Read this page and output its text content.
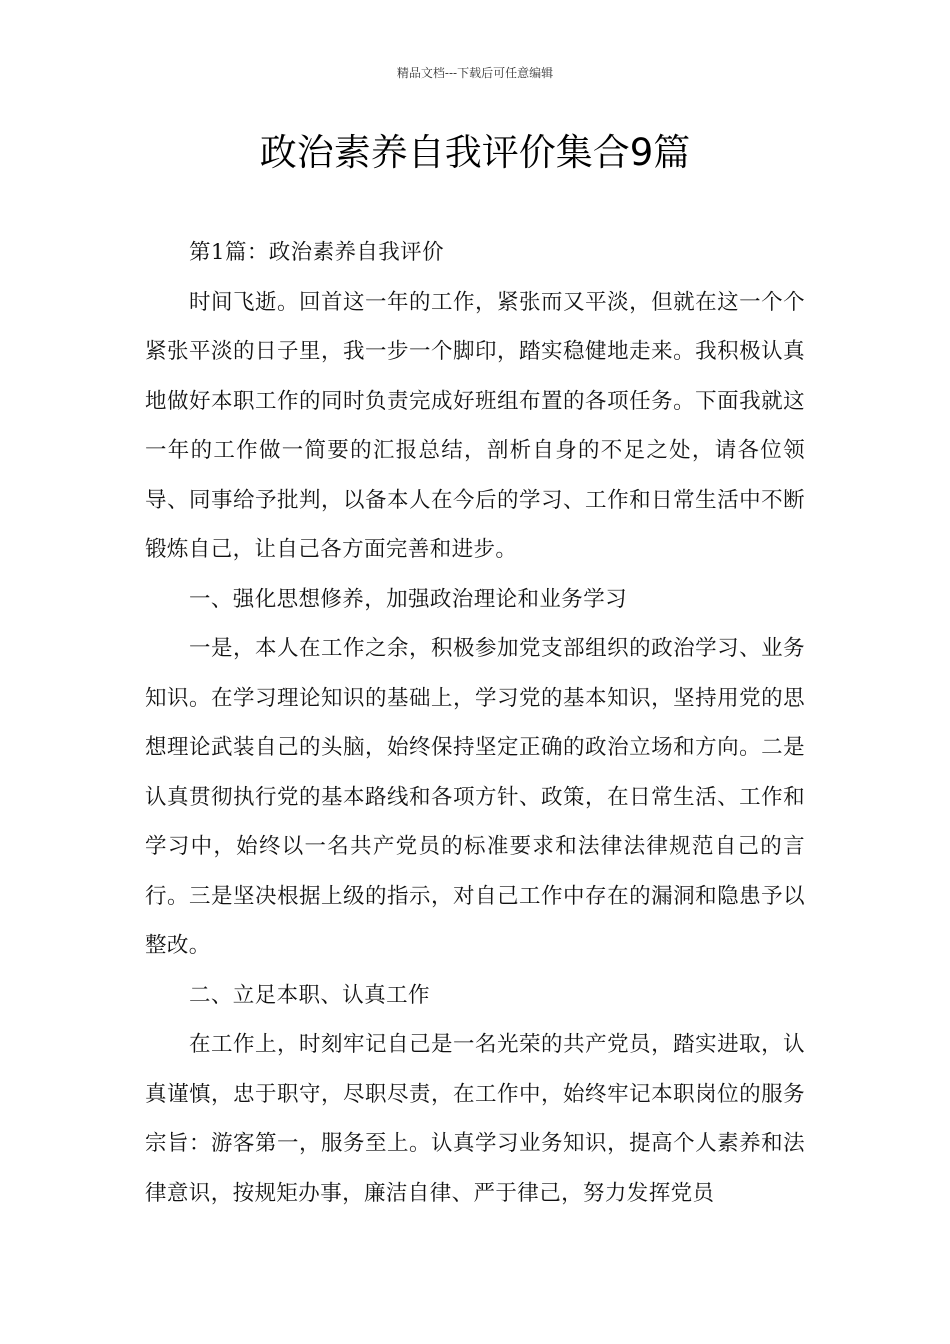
精品文档---下载后可任意编辑
政治素养自我评价集合9篇

第1篇：政治素养自我评价

时间飞逝。回首这一年的工作，紧张而又平淡，但就在这一个个紧张平淡的日子里，我一步一个脚印，踏实稳健地走来。我积极认真地做好本职工作的同时负责完成好班组布置的各项任务。下面我就这一年的工作做一简要的汇报总结，剖析自身的不足之处，请各位领导、同事给予批判，以备本人在今后的学习、工作和日常生活中不断锻炼自己，让自己各方面完善和进步。

一、强化思想修养，加强政治理论和业务学习

一是，本人在工作之余，积极参加党支部组织的政治学习、业务知识。在学习理论知识的基础上，学习党的基本知识，坚持用党的思想理论武装自己的头脑，始终保持坚定正确的政治立场和方向。二是认真贯彻执行党的基本路线和各项方针、政策，在日常生活、工作和学习中，始终以一名共产党员的标准要求和法律法律规范自己的言行。三是坚决根据上级的指示，对自己工作中存在的漏洞和隐患予以整改。

二、立足本职、认真工作

在工作上，时刻牢记自己是一名光荣的共产党员，踏实进取，认真谨慎，忠于职守，尽职尽责，在工作中，始终牢记本职岗位的服务宗旨：游客第一，服务至上。认真学习业务知识，提高个人素养和法律意识，按规矩办事，廉洁自律、严于律己，努力发挥党员
